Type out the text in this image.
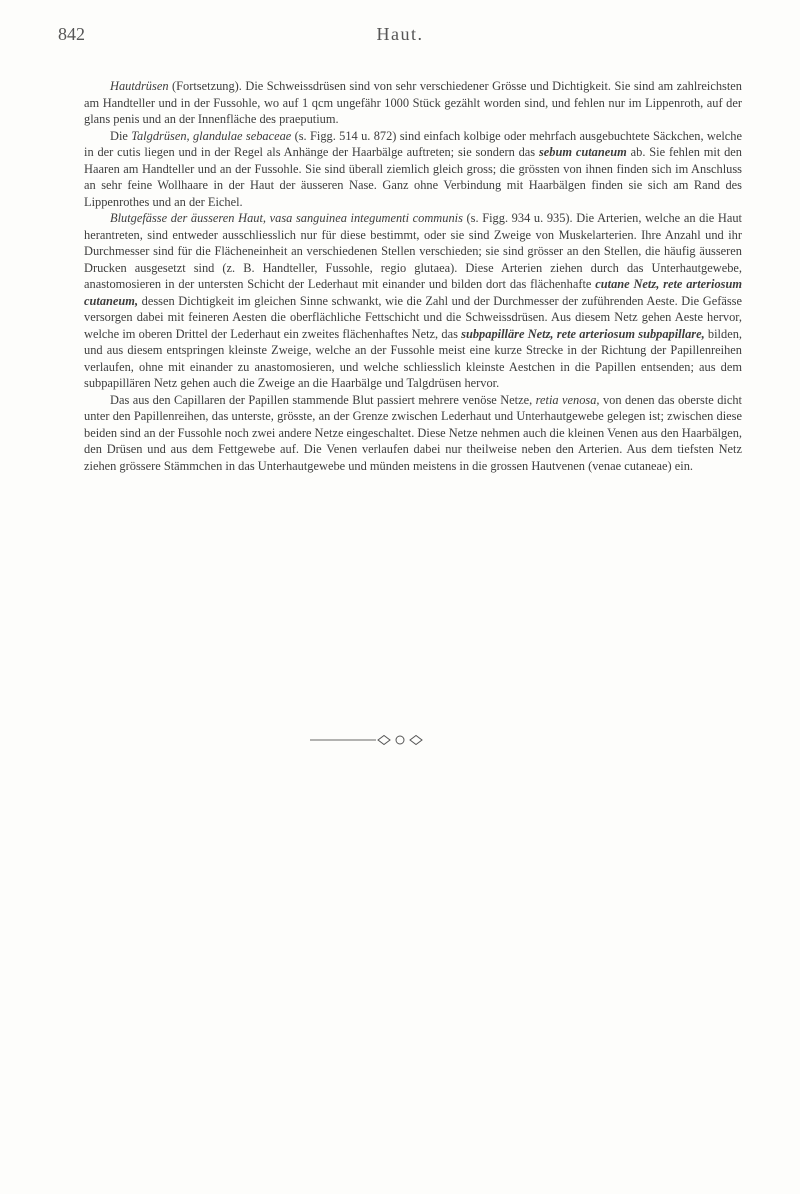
842	Haut.

Hautdrüsen (Fortsetzung). Die Schweissdrüsen sind von sehr verschiedener Grösse und Dichtigkeit. Sie sind am zahlreichsten am Handteller und in der Fussohle, wo auf 1 qcm ungefähr 1000 Stück gezählt worden sind, und fehlen nur im Lippenroth, auf der glans penis und an der Innenfläche des praeputium.

Die Talgdrüsen, glandulae sebaceae (s. Figg. 514 u. 872) sind einfach kolbige oder mehrfach ausgebuchtete Säckchen, welche in der cutis liegen und in der Regel als Anhänge der Haarbälge auftreten; sie sondern das sebum cutaneum ab. Sie fehlen mit den Haaren am Handteller und an der Fussohle. Sie sind überall ziemlich gleich gross; die grössten von ihnen finden sich im Anschluss an sehr feine Wollhaare in der Haut der äusseren Nase. Ganz ohne Verbindung mit Haarbälgen finden sie sich am Rand des Lippenrothes und an der Eichel.

Blutgefässe der äusseren Haut, vasa sanguinea integumenti communis (s. Figg. 934 u. 935). Die Arterien, welche an die Haut herantreten, sind entweder ausschliesslich nur für diese bestimmt, oder sie sind Zweige von Muskelarterien. Ihre Anzahl und ihr Durchmesser sind für die Flächeneinheit an verschiedenen Stellen verschieden; sie sind grösser an den Stellen, die häufig äusseren Drucken ausgesetzt sind (z. B. Handteller, Fussohle, regio glutaea). Diese Arterien ziehen durch das Unterhautgewebe, anastomosieren in der untersten Schicht der Lederhaut mit einander und bilden dort das flächenhafte cutane Netz, rete arteriosum cutaneum, dessen Dichtigkeit im gleichen Sinne schwankt, wie die Zahl und der Durchmesser der zuführenden Aeste. Die Gefässe versorgen dabei mit feineren Aesten die oberflächliche Fettschicht und die Schweissdrüsen. Aus diesem Netz gehen Aeste hervor, welche im oberen Drittel der Lederhaut ein zweites flächenhaftes Netz, das subpapilläre Netz, rete arteriosum subpapillare, bilden, und aus diesem entspringen kleinste Zweige, welche an der Fussohle meist eine kurze Strecke in der Richtung der Papillenreihen verlaufen, ohne mit einander zu anastomosieren, und welche schliesslich kleinste Aestchen in die Papillen entsenden; aus dem subpapillären Netz gehen auch die Zweige an die Haarbälge und Talgdrüsen hervor.

Das aus den Capillaren der Papillen stammende Blut passiert mehrere venöse Netze, retia venosa, von denen das oberste dicht unter den Papillenreihen, das unterste, grösste, an der Grenze zwischen Lederhaut und Unterhautgewebe gelegen ist; zwischen diese beiden sind an der Fussohle noch zwei andere Netze eingeschaltet. Diese Netze nehmen auch die kleinen Venen aus den Haarbälgen, den Drüsen und aus dem Fettgewebe auf. Die Venen verlaufen dabei nur theilweise neben den Arterien. Aus dem tiefsten Netz ziehen grössere Stämmchen in das Unterhautgewebe und münden meistens in die grossen Hautvenen (venae cutaneae) ein.
